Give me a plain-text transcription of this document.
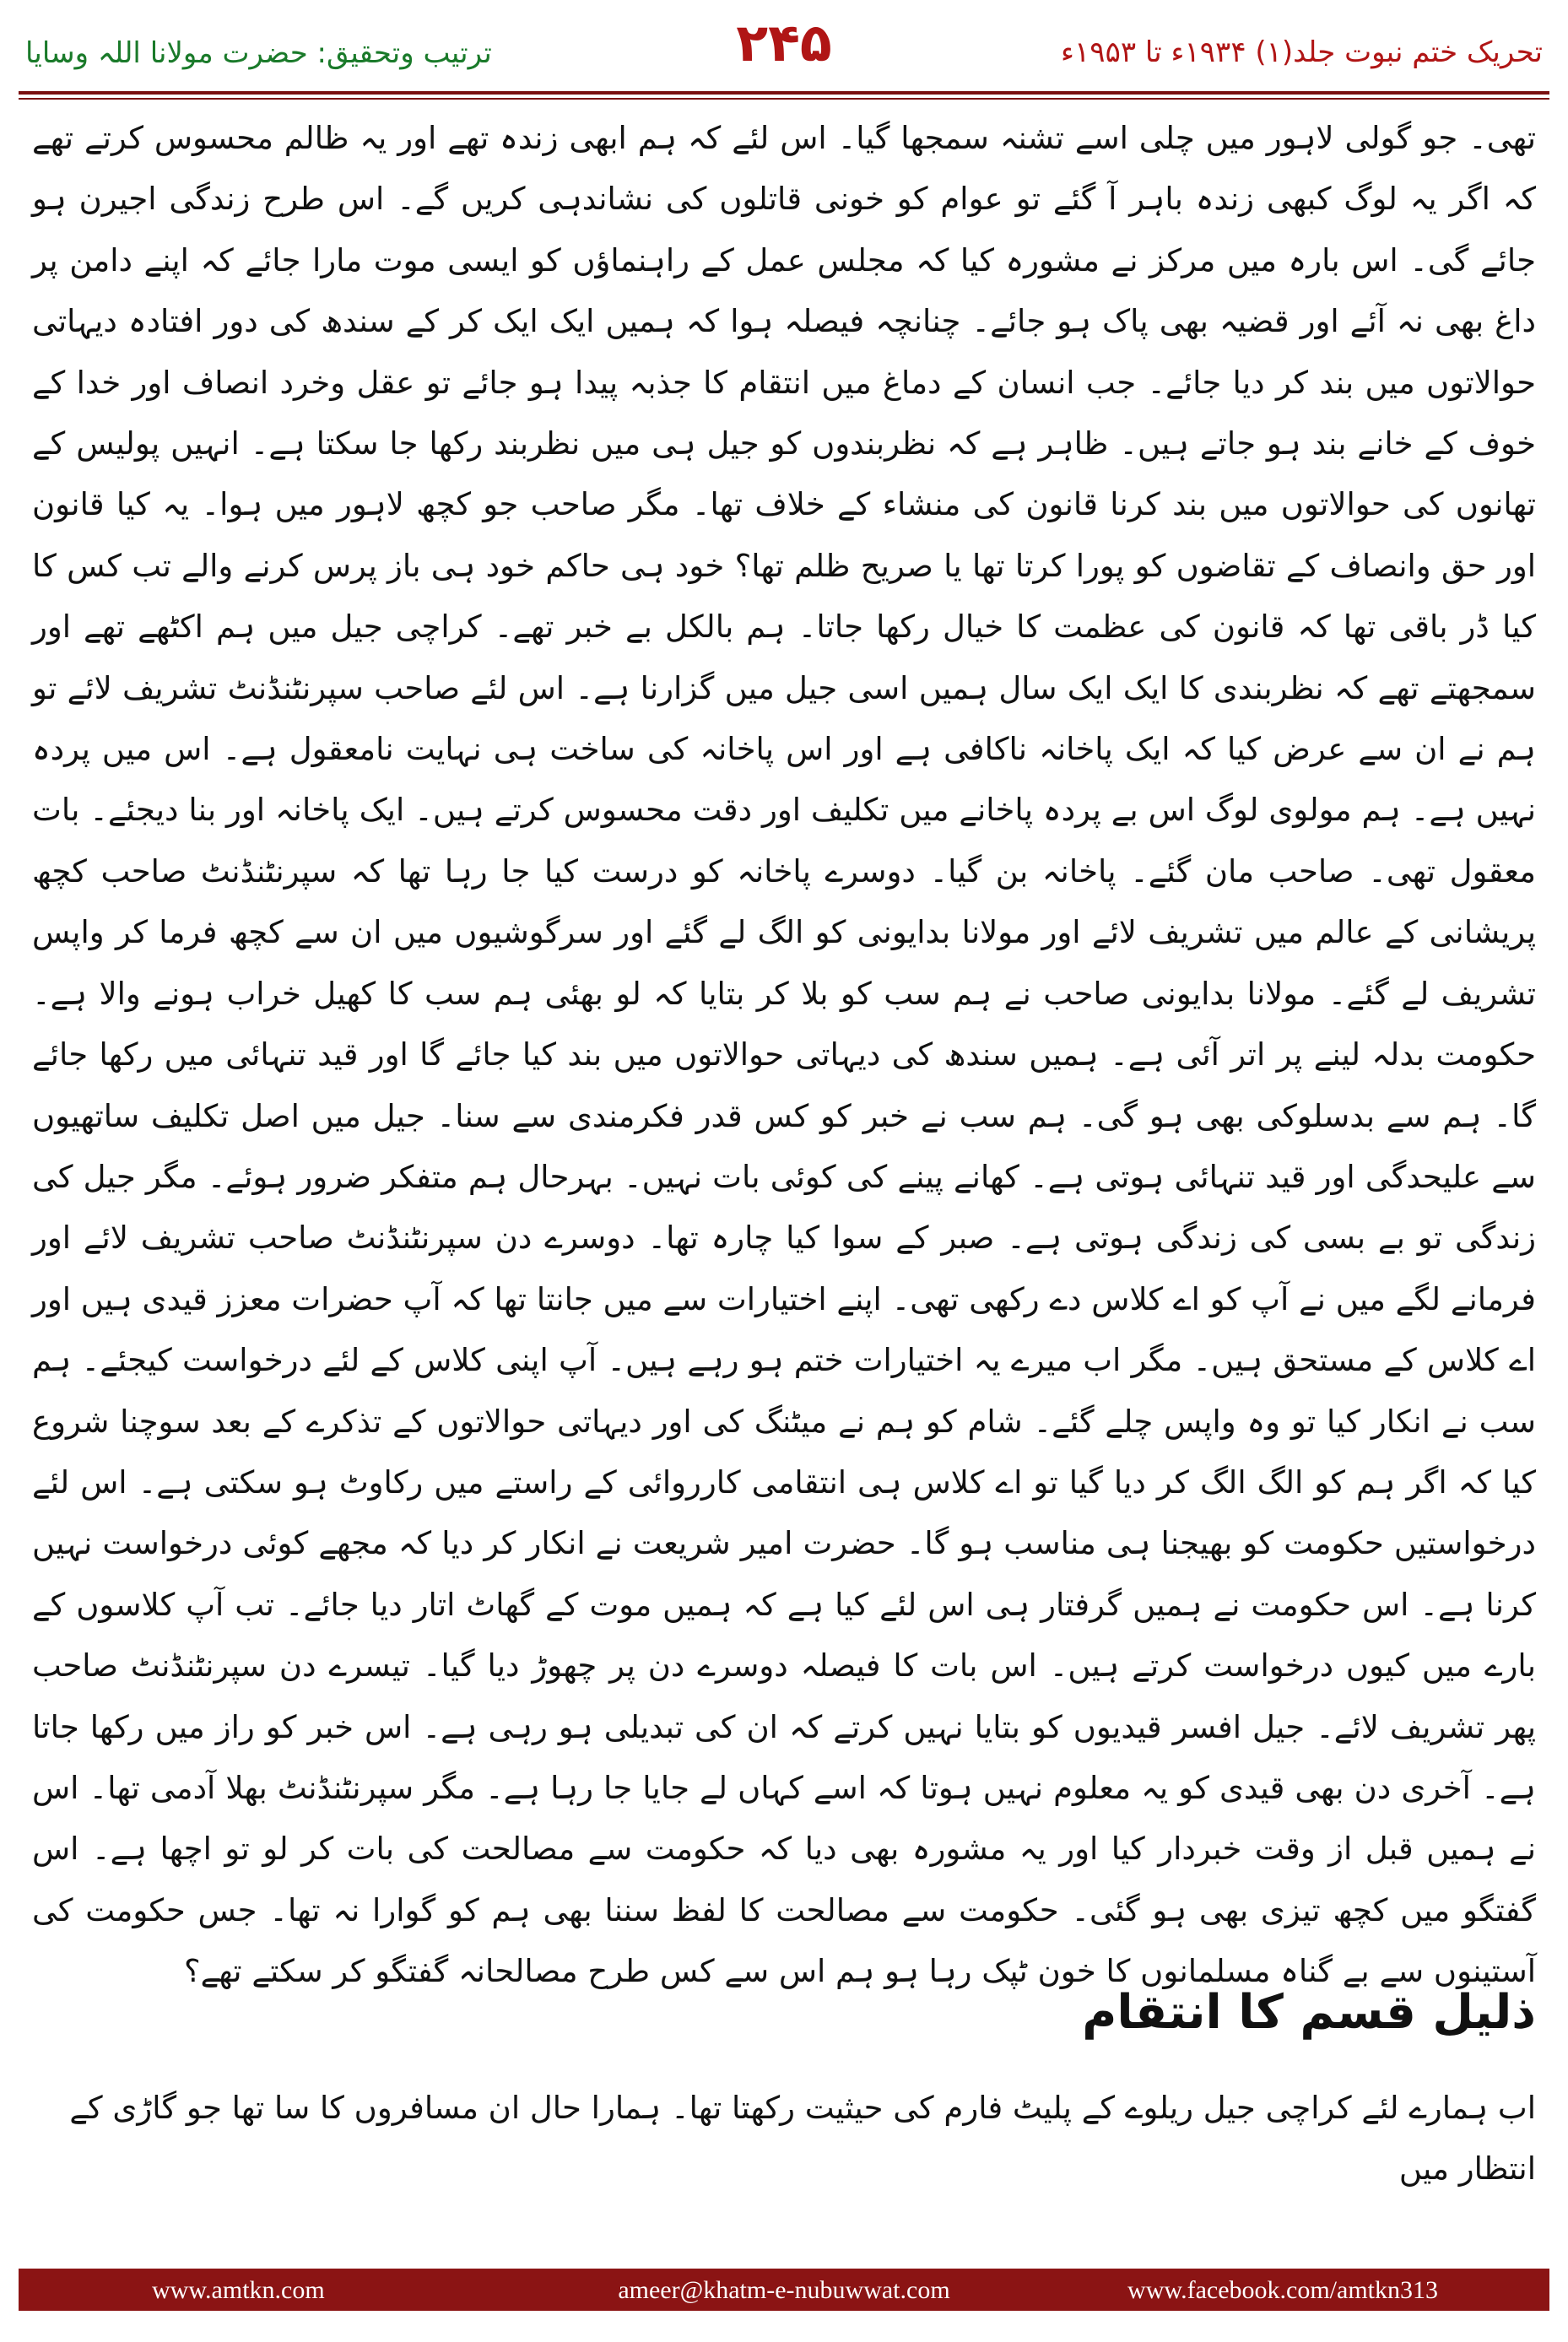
ترتیب وتحقیق: حضرت مولانا اللہ وسایا	۲۴۵	تحریک ختم نبوت جلد(۱) ۱۹۳۴ء تا ۱۹۵۳ء

تھی۔ جو گولی لاہور میں چلی اسے تشنہ سمجھا گیا۔ اس لئے کہ ہم ابھی زندہ تھے اور یہ ظالم محسوس کرتے تھے کہ اگر یہ لوگ کبھی زندہ باہر آ گئے تو عوام کو خونی قاتلوں کی نشاندہی کریں گے۔ اس طرح زندگی اجیرن ہو جائے گی۔ اس بارہ میں مرکز نے مشورہ کیا کہ مجلس عمل کے راہنماؤں کو ایسی موت مارا جائے کہ اپنے دامن پر داغ بھی نہ آئے اور قضیہ بھی پاک ہو جائے۔ چنانچہ فیصلہ ہوا کہ ہمیں ایک ایک کر کے سندھ کی دور افتادہ دیہاتی حوالاتوں میں بند کر دیا جائے۔ جب انسان کے دماغ میں انتقام کا جذبہ پیدا ہو جائے تو عقل وخرد انصاف اور خدا کے خوف کے خانے بند ہو جاتے ہیں۔ ظاہر ہے کہ نظربندوں کو جیل ہی میں نظربند رکھا جا سکتا ہے۔ انہیں پولیس کے تھانوں کی حوالاتوں میں بند کرنا قانون کی منشاء کے خلاف تھا۔ مگر صاحب جو کچھ لاہور میں ہوا۔ یہ کیا قانون اور حق وانصاف کے تقاضوں کو پورا کرتا تھا یا صریح ظلم تھا؟ خود ہی حاکم خود ہی باز پرس کرنے والے تب کس کا کیا ڈر باقی تھا کہ قانون کی عظمت کا خیال رکھا جاتا۔ ہم بالکل بے خبر تھے۔ کراچی جیل میں ہم اکٹھے تھے اور سمجھتے تھے کہ نظربندی کا ایک ایک سال ہمیں اسی جیل میں گزارنا ہے۔ اس لئے صاحب سپرنٹنڈنٹ تشریف لائے تو ہم نے ان سے عرض کیا کہ ایک پاخانہ ناکافی ہے اور اس پاخانہ کی ساخت ہی نہایت نامعقول ہے۔ اس میں پردہ نہیں ہے۔ ہم مولوی لوگ اس بے پردہ پاخانے میں تکلیف اور دقت محسوس کرتے ہیں۔ ایک پاخانہ اور بنا دیجئے۔ بات معقول تھی۔ صاحب مان گئے۔ پاخانہ بن گیا۔ دوسرے پاخانہ کو درست کیا جا رہا تھا کہ سپرنٹنڈنٹ صاحب کچھ پریشانی کے عالم میں تشریف لائے اور مولانا بدایونی کو الگ لے گئے اور سرگوشیوں میں ان سے کچھ فرما کر واپس تشریف لے گئے۔ مولانا بدایونی صاحب نے ہم سب کو بلا کر بتایا کہ لو بھئی ہم سب کا کھیل خراب ہونے والا ہے۔ حکومت بدلہ لینے پر اتر آئی ہے۔ ہمیں سندھ کی دیہاتی حوالاتوں میں بند کیا جائے گا اور قید تنہائی میں رکھا جائے گا۔ ہم سے بدسلوکی بھی ہو گی۔ ہم سب نے خبر کو کس قدر فکرمندی سے سنا۔ جیل میں اصل تکلیف ساتھیوں سے علیحدگی اور قید تنہائی ہوتی ہے۔ کھانے پینے کی کوئی بات نہیں۔ بہرحال ہم متفکر ضرور ہوئے۔ مگر جیل کی زندگی تو بے بسی کی زندگی ہوتی ہے۔ صبر کے سوا کیا چارہ تھا۔ دوسرے دن سپرنٹنڈنٹ صاحب تشریف لائے اور فرمانے لگے میں نے آپ کو اے کلاس دے رکھی تھی۔ اپنے اختیارات سے میں جانتا تھا کہ آپ حضرات معزز قیدی ہیں اور اے کلاس کے مستحق ہیں۔ مگر اب میرے یہ اختیارات ختم ہو رہے ہیں۔ آپ اپنی کلاس کے لئے درخواست کیجئے۔ ہم سب نے انکار کیا تو وہ واپس چلے گئے۔ شام کو ہم نے میٹنگ کی اور دیہاتی حوالاتوں کے تذکرے کے بعد سوچنا شروع کیا کہ اگر ہم کو الگ الگ کر دیا گیا تو اے کلاس ہی انتقامی کارروائی کے راستے میں رکاوٹ ہو سکتی ہے۔ اس لئے درخواستیں حکومت کو بھیجنا ہی مناسب ہو گا۔ حضرت امیر شریعت نے انکار کر دیا کہ مجھے کوئی درخواست نہیں کرنا ہے۔ اس حکومت نے ہمیں گرفتار ہی اس لئے کیا ہے کہ ہمیں موت کے گھاٹ اتار دیا جائے۔ تب آپ کلاسوں کے بارے میں کیوں درخواست کرتے ہیں۔ اس بات کا فیصلہ دوسرے دن پر چھوڑ دیا گیا۔ تیسرے دن سپرنٹنڈنٹ صاحب پھر تشریف لائے۔ جیل افسر قیدیوں کو بتایا نہیں کرتے کہ ان کی تبدیلی ہو رہی ہے۔ اس خبر کو راز میں رکھا جاتا ہے۔ آخری دن بھی قیدی کو یہ معلوم نہیں ہوتا کہ اسے کہاں لے جایا جا رہا ہے۔ مگر سپرنٹنڈنٹ بھلا آدمی تھا۔ اس نے ہمیں قبل از وقت خبردار کیا اور یہ مشورہ بھی دیا کہ حکومت سے مصالحت کی بات کر لو تو اچھا ہے۔ اس گفتگو میں کچھ تیزی بھی ہو گئی۔ حکومت سے مصالحت کا لفظ سننا بھی ہم کو گوارا نہ تھا۔ جس حکومت کی آستینوں سے بے گناہ مسلمانوں کا خون ٹپک رہا ہو ہم اس سے کس طرح مصالحانہ گفتگو کر سکتے تھے؟

ذلیل قسم کا انتقام
اب ہمارے لئے کراچی جیل ریلوے کے پلیٹ فارم کی حیثیت رکھتا تھا۔ ہمارا حال ان مسافروں کا سا تھا جو گاڑی کے انتظار میں
www.amtkn.com	ameer@khatm-e-nubuwwat.com	www.facebook.com/amtkn313
